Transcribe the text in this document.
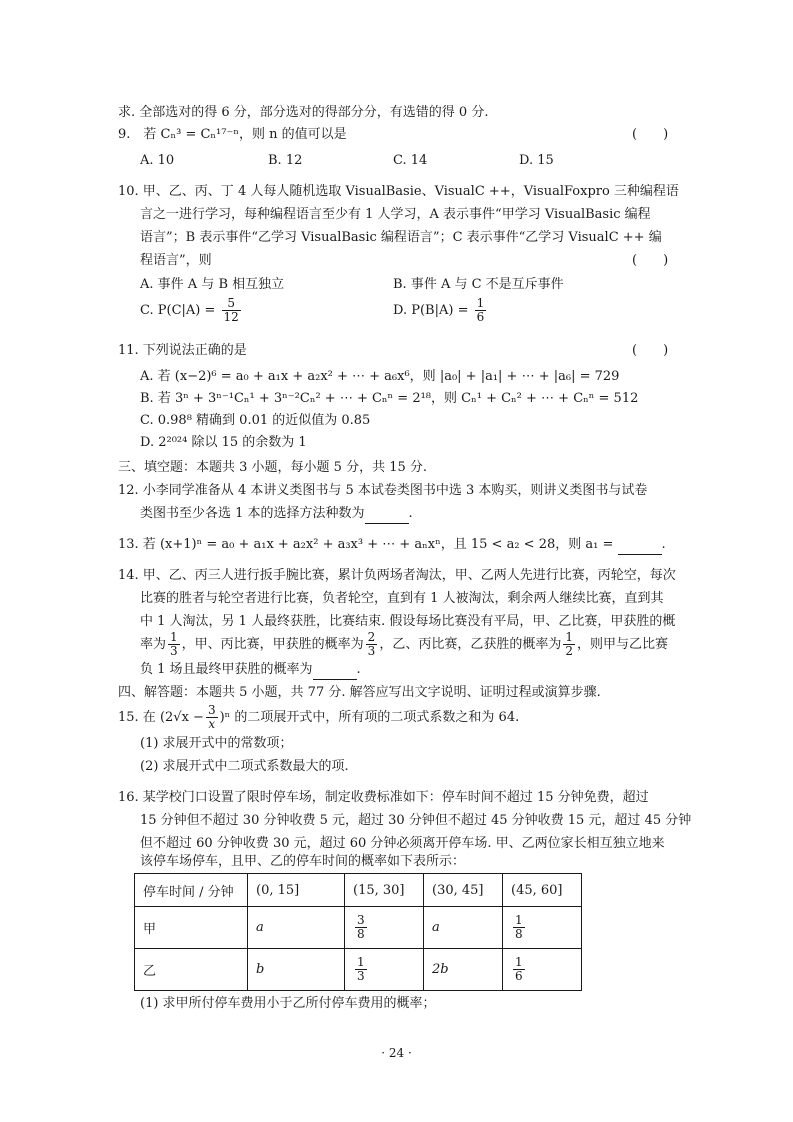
求. 全部选对的得 6 分，部分选对的得部分分，有选错的得 0 分.
9.　若 Cₙ³ = Cₙ¹⁷⁻ⁿ，则 n 的值可以是	(　　)
A. 10	B. 12	C. 14	D. 15
10. 甲、乙、丙、丁 4 人每人随机选取 VisualBasie、VisualC ++，VisualFoxpro 三种编程语
言之一进行学习，每种编程语言至少有 1 人学习，A 表示事件“甲学习 VisualBasic 编程
语言”；B 表示事件“乙学习 VisualBasic 编程语言”；C 表示事件“乙学习 VisualC ++ 编
程语言”，则	(　　)
A. 事件 A 与 B 相互独立	B. 事件 A 与 C 不是互斥事件
C. $P(C|A) = \frac{5}{12}$	D. $P(B|A) = \frac{1}{6}$
11. 下列说法正确的是	(　　)
A. 若 (x−2)⁶ = a₀ + a₁x + a₂x² + ⋯ + a₆x⁶，则 |a₀| + |a₁| + ⋯ + |a₆| = 729
B. 若 3ⁿ + 3ⁿ⁻¹Cₙ¹ + 3ⁿ⁻²Cₙ² + ⋯ + Cₙⁿ = 2¹⁸，则 Cₙ¹ + Cₙ² + ⋯ + Cₙⁿ = 512
C. 0.98⁸ 精确到 0.01 的近似值为 0.85
D. 2²⁰²⁴ 除以 15 的余数为 1
三、填空题：本题共 3 小题，每小题 5 分，共 15 分.
12. 小李同学准备从 4 本讲义类图书与 5 本试卷类图书中选 3 本购买，则讲义类图书与试卷
类图书至少各选 1 本的选择方法种数为	.
13. 若 (x+1)ⁿ = a₀ + a₁x + a₂x² + a₃x³ + ⋯ + aₙxⁿ，且 15 < a₂ < 28，则 a₁ =	.
14. 甲、乙、丙三人进行扳手腕比赛，累计负两场者淘汰，甲、乙两人先进行比赛，丙轮空，每次
比赛的胜者与轮空者进行比赛，负者轮空，直到有 1 人被淘汰，剩余两人继续比赛，直到其
中 1 人淘汰，另 1 人最终获胜，比赛结束. 假设每场比赛没有平局，甲、乙比赛，甲获胜的概
率为 $\frac{1}{3}$ ，甲、丙比赛，甲获胜的概率为 $\frac{2}{3}$ ，乙、丙比赛，乙获胜的概率为 $\frac{1}{2}$ ，则甲与乙比赛
负 1 场且最终甲获胜的概率为	.
四、解答题：本题共 5 小题，共 77 分. 解答应写出文字说明、证明过程或演算步骤.
15. 在 $(2√x - \frac{3}{x} )^n$ 的二项展开式中，所有项的二项式系数之和为 64.
(1) 求展开式中的常数项；
(2) 求展开式中二项式系数最大的项.
16. 某学校门口设置了限时停车场，制定收费标准如下：停车时间不超过 15 分钟免费，超过
15 分钟但不超过 30 分钟收费 5 元，超过 30 分钟但不超过 45 分钟收费 15 元，超过 45 分钟
但不超过 60 分钟收费 30 元，超过 60 分钟必须离开停车场. 甲、乙两位家长相互独立地来
该停车场停车，且甲、乙的停车时间的概率如下表所示：
停车时间 / 分钟	(0, 15]	(15, 30]	(30, 45]	(45, 60]
甲	a	$\frac{3}{8}$	a	$\frac{1}{8}$

乙	b	$\frac{1}{3}$	2b	$\frac{1}{6}$
(1) 求甲所付停车费用小于乙所付停车费用的概率；
· 24 ·
